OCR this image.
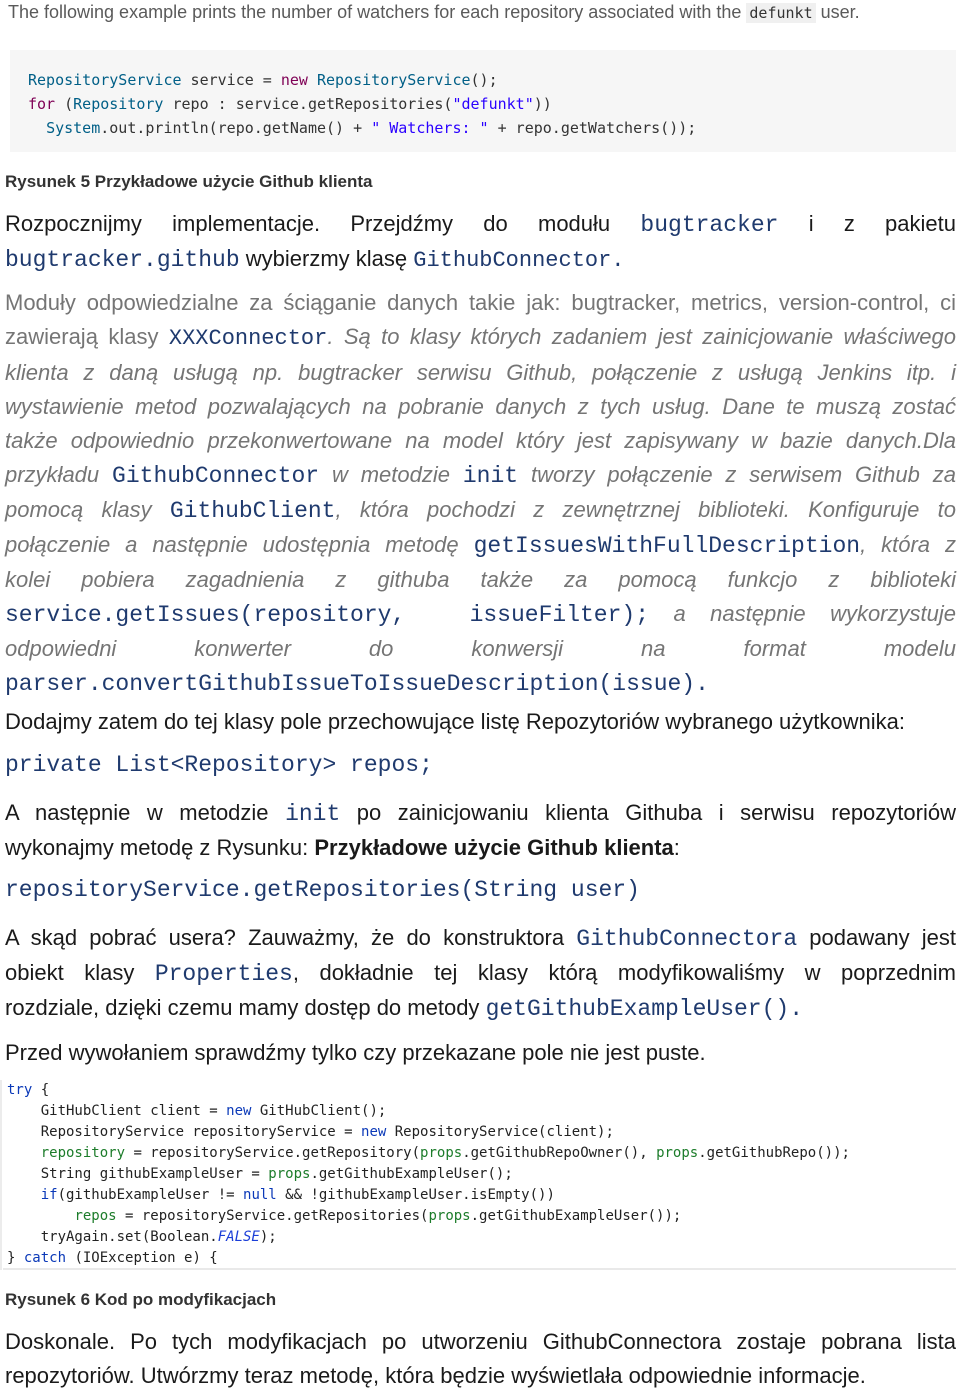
The following example prints the number of watchers for each repository associated with the defunkt user.
RepositoryService service = new RepositoryService();
for (Repository repo : service.getRepositories("defunkt"))
System.out.println(repo.getName() + " Watchers: " + repo.getWatchers());
Rysunek 5 Przykładowe użycie Github klienta
Rozpocznijmy implementacje. Przejdźmy do modułu bugtracker i z pakietu
bugtracker.github wybierzmy klasę GithubConnector.
Moduły odpowiedzialne za ściąganie danych takie jak: bugtracker, metrics, version-control, ci
zawierają klasy XXXConnector. Są to klasy których zadaniem jest zainicjowanie właściwego
klienta z daną usługą np. bugtracker serwisu Github, połączenie z usługą Jenkins itp. i
wystawienie metod pozwalających na pobranie danych z tych usług. Dane te muszą zostać
także odpowiednio przekonwertowane na model który jest zapisywany w bazie danych.Dla
przykładu GithubConnector w metodzie init tworzy połączenie z serwisem Github za
pomocą klasy GithubClient, która pochodzi z zewnętrznej biblioteki. Konfiguruje to
połączenie a następnie udostępnia metodę getIssuesWithFullDescription, która z
kolei pobiera zagadnienia z githuba także za pomocą funkcjo z biblioteki
service.getIssues(repository,  issueFilter); a następnie wykorzystuje
odpowiedni konwerter do konwersji na format modelu
parser.convertGithubIssueToIssueDescription(issue).
Dodajmy zatem do tej klasy pole przechowujące listę Repozytoriów wybranego użytkownika:
private List<Repository> repos;
A następnie w metodzie init po zainicjowaniu klienta Githuba i serwisu repozytoriów
wykonajmy metodę z Rysunku: Przykładowe użycie Github klienta:
repositoryService.getRepositories(String user)
A skąd pobrać usera? Zauważmy, że do konstruktora GithubConnectora podawany jest
obiekt klasy Properties, dokładnie tej klasy którą modyfikowaliśmy w poprzednim
rozdziale, dzięki czemu mamy dostęp do metody getGithubExampleUser().
Przed wywołaniem sprawdźmy tylko czy przekazane pole nie jest puste.
try {
GitHubClient client = new GitHubClient();
RepositoryService repositoryService = new RepositoryService(client);
repository = repositoryService.getRepository(props.getGithubRepoOwner(), props.getGithubRepo());
String githubExampleUser = props.getGithubExampleUser();
if(githubExampleUser != null && !githubExampleUser.isEmpty())
repos = repositoryService.getRepositories(props.getGithubExampleUser());
tryAgain.set(Boolean.FALSE);
} catch (IOException e) {
Rysunek 6 Kod po modyfikacjach
Doskonale. Po tych modyfikacjach po utworzeniu GithubConnectora zostaje pobrana lista
repozytoriów. Utwórzmy teraz metodę, która będzie wyświetlała odpowiednie informacje.
